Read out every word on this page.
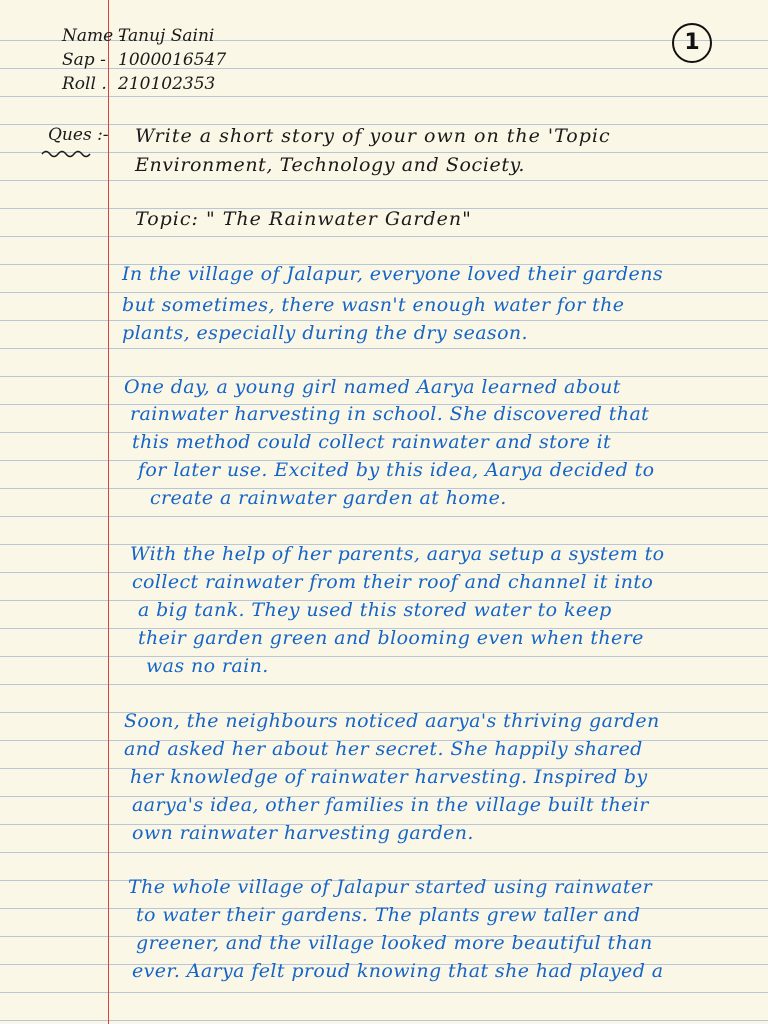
Name -
Tanuj Saini
Sap - 1000016547
Roll . 210102353
1
Ques :- Write a short story of your own on the 'Topic
Environment, Technology and Society.
Topic: " The Rainwater Garden"
In the village of Jalapur, everyone loved their gardens
but sometimes, there wasn't enough water for the
plants, especially during the dry season.
One day, a young girl named Aarya learned about
rainwater harvesting in school. She discovered that
this method could collect rainwater and store it
for later use. Excited by this idea, Aarya decided to
create a rainwater garden at home.
With the help of her parents, aarya setup a system to
collect rainwater from their roof and channel it into
a big tank. They used this stored water to keep
their garden green and blooming even when there
was no rain.
Soon, the neighbours noticed aarya's thriving garden
and asked her about her secret. She happily shared
her knowledge of rainwater harvesting. Inspired by
aarya's idea, other families in the village built their
own rainwater harvesting garden.
The whole village of Jalapur started using rainwater
to water their gardens. The plants grew taller and
greener, and the village looked more beautiful than
ever. Aarya felt proud knowing that she had played a
